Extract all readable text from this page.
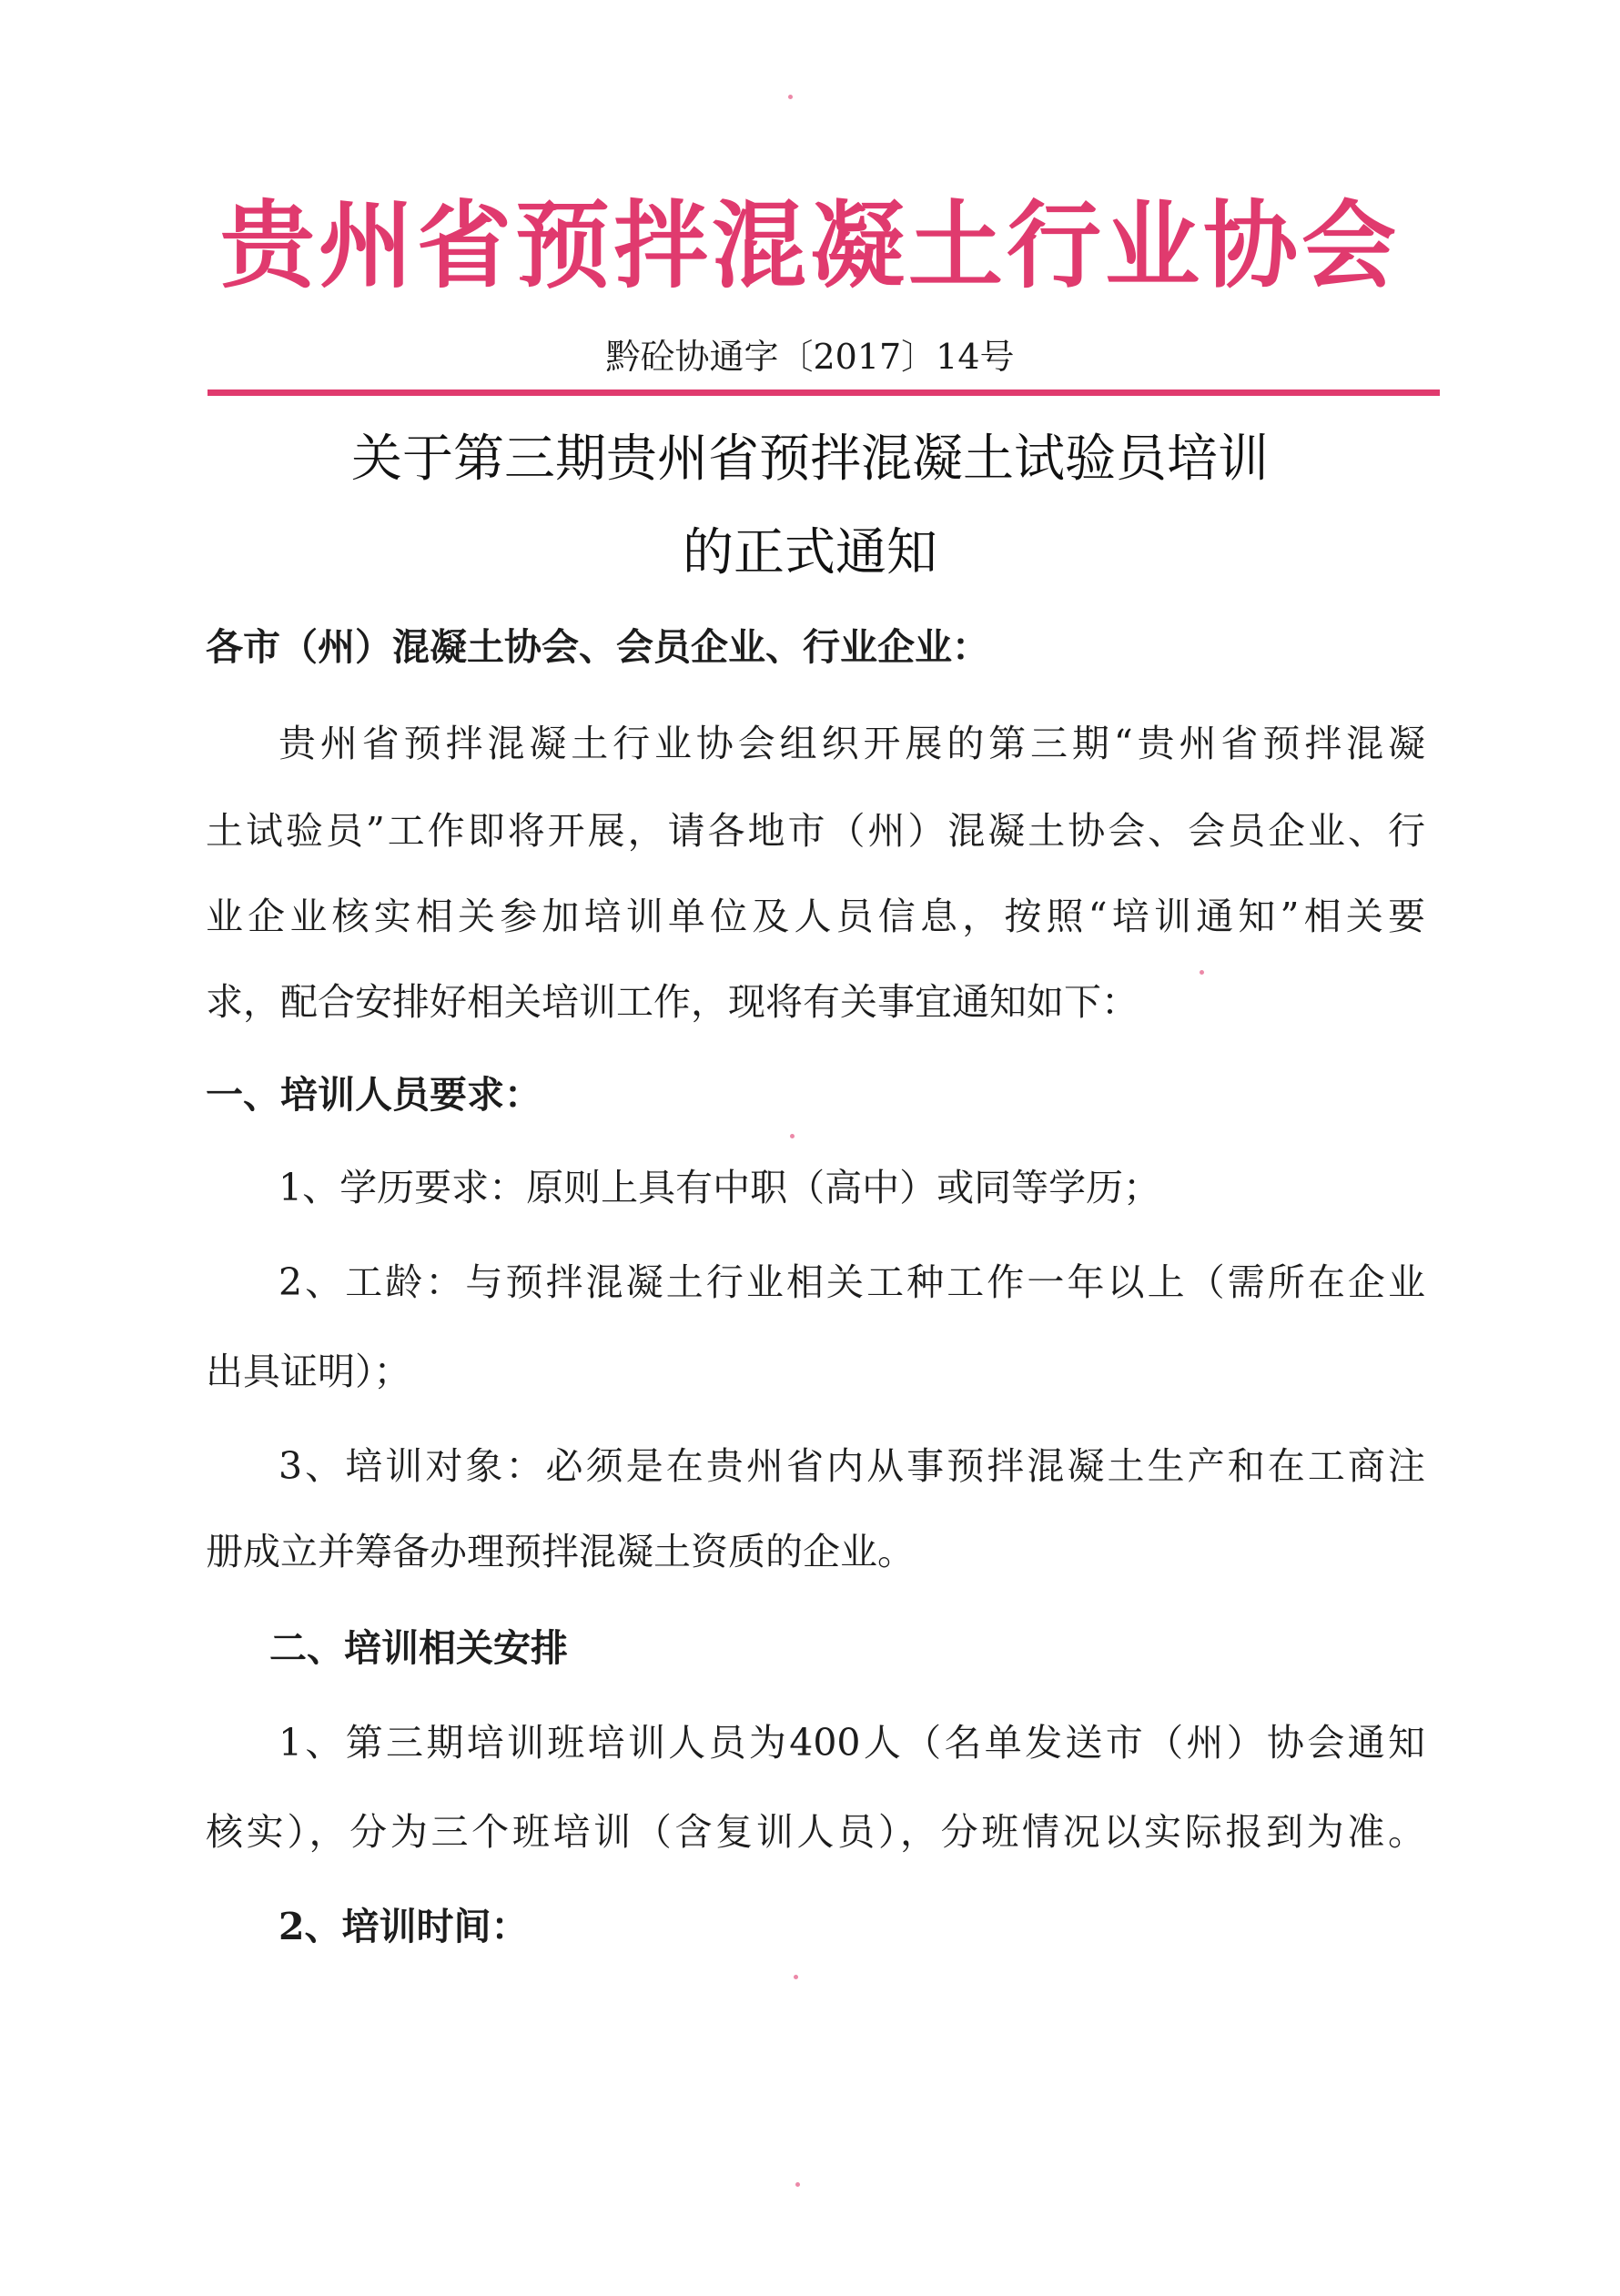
贵州省预拌混凝土行业协会
黔砼协通字〔2017〕14号
关于第三期贵州省预拌混凝土试验员培训
的正式通知
各市（州）混凝土协会、会员企业、行业企业：
贵州省预拌混凝土行业协会组织开展的第三期“贵州省预拌混凝
土试验员”工作即将开展，请各地市（州）混凝土协会、会员企业、行
业企业核实相关参加培训单位及人员信息，按照“培训通知”相关要
求，配合安排好相关培训工作，现将有关事宜通知如下：
一、培训人员要求：
1、学历要求：原则上具有中职（高中）或同等学历；
2、工龄：与预拌混凝土行业相关工种工作一年以上（需所在企业
出具证明）；
3、培训对象：必须是在贵州省内从事预拌混凝土生产和在工商注
册成立并筹备办理预拌混凝土资质的企业。
二、培训相关安排
1、第三期培训班培训人员为400人（名单发送市（州）协会通知
核实），分为三个班培训（含复训人员），分班情况以实际报到为准。
2、培训时间：
